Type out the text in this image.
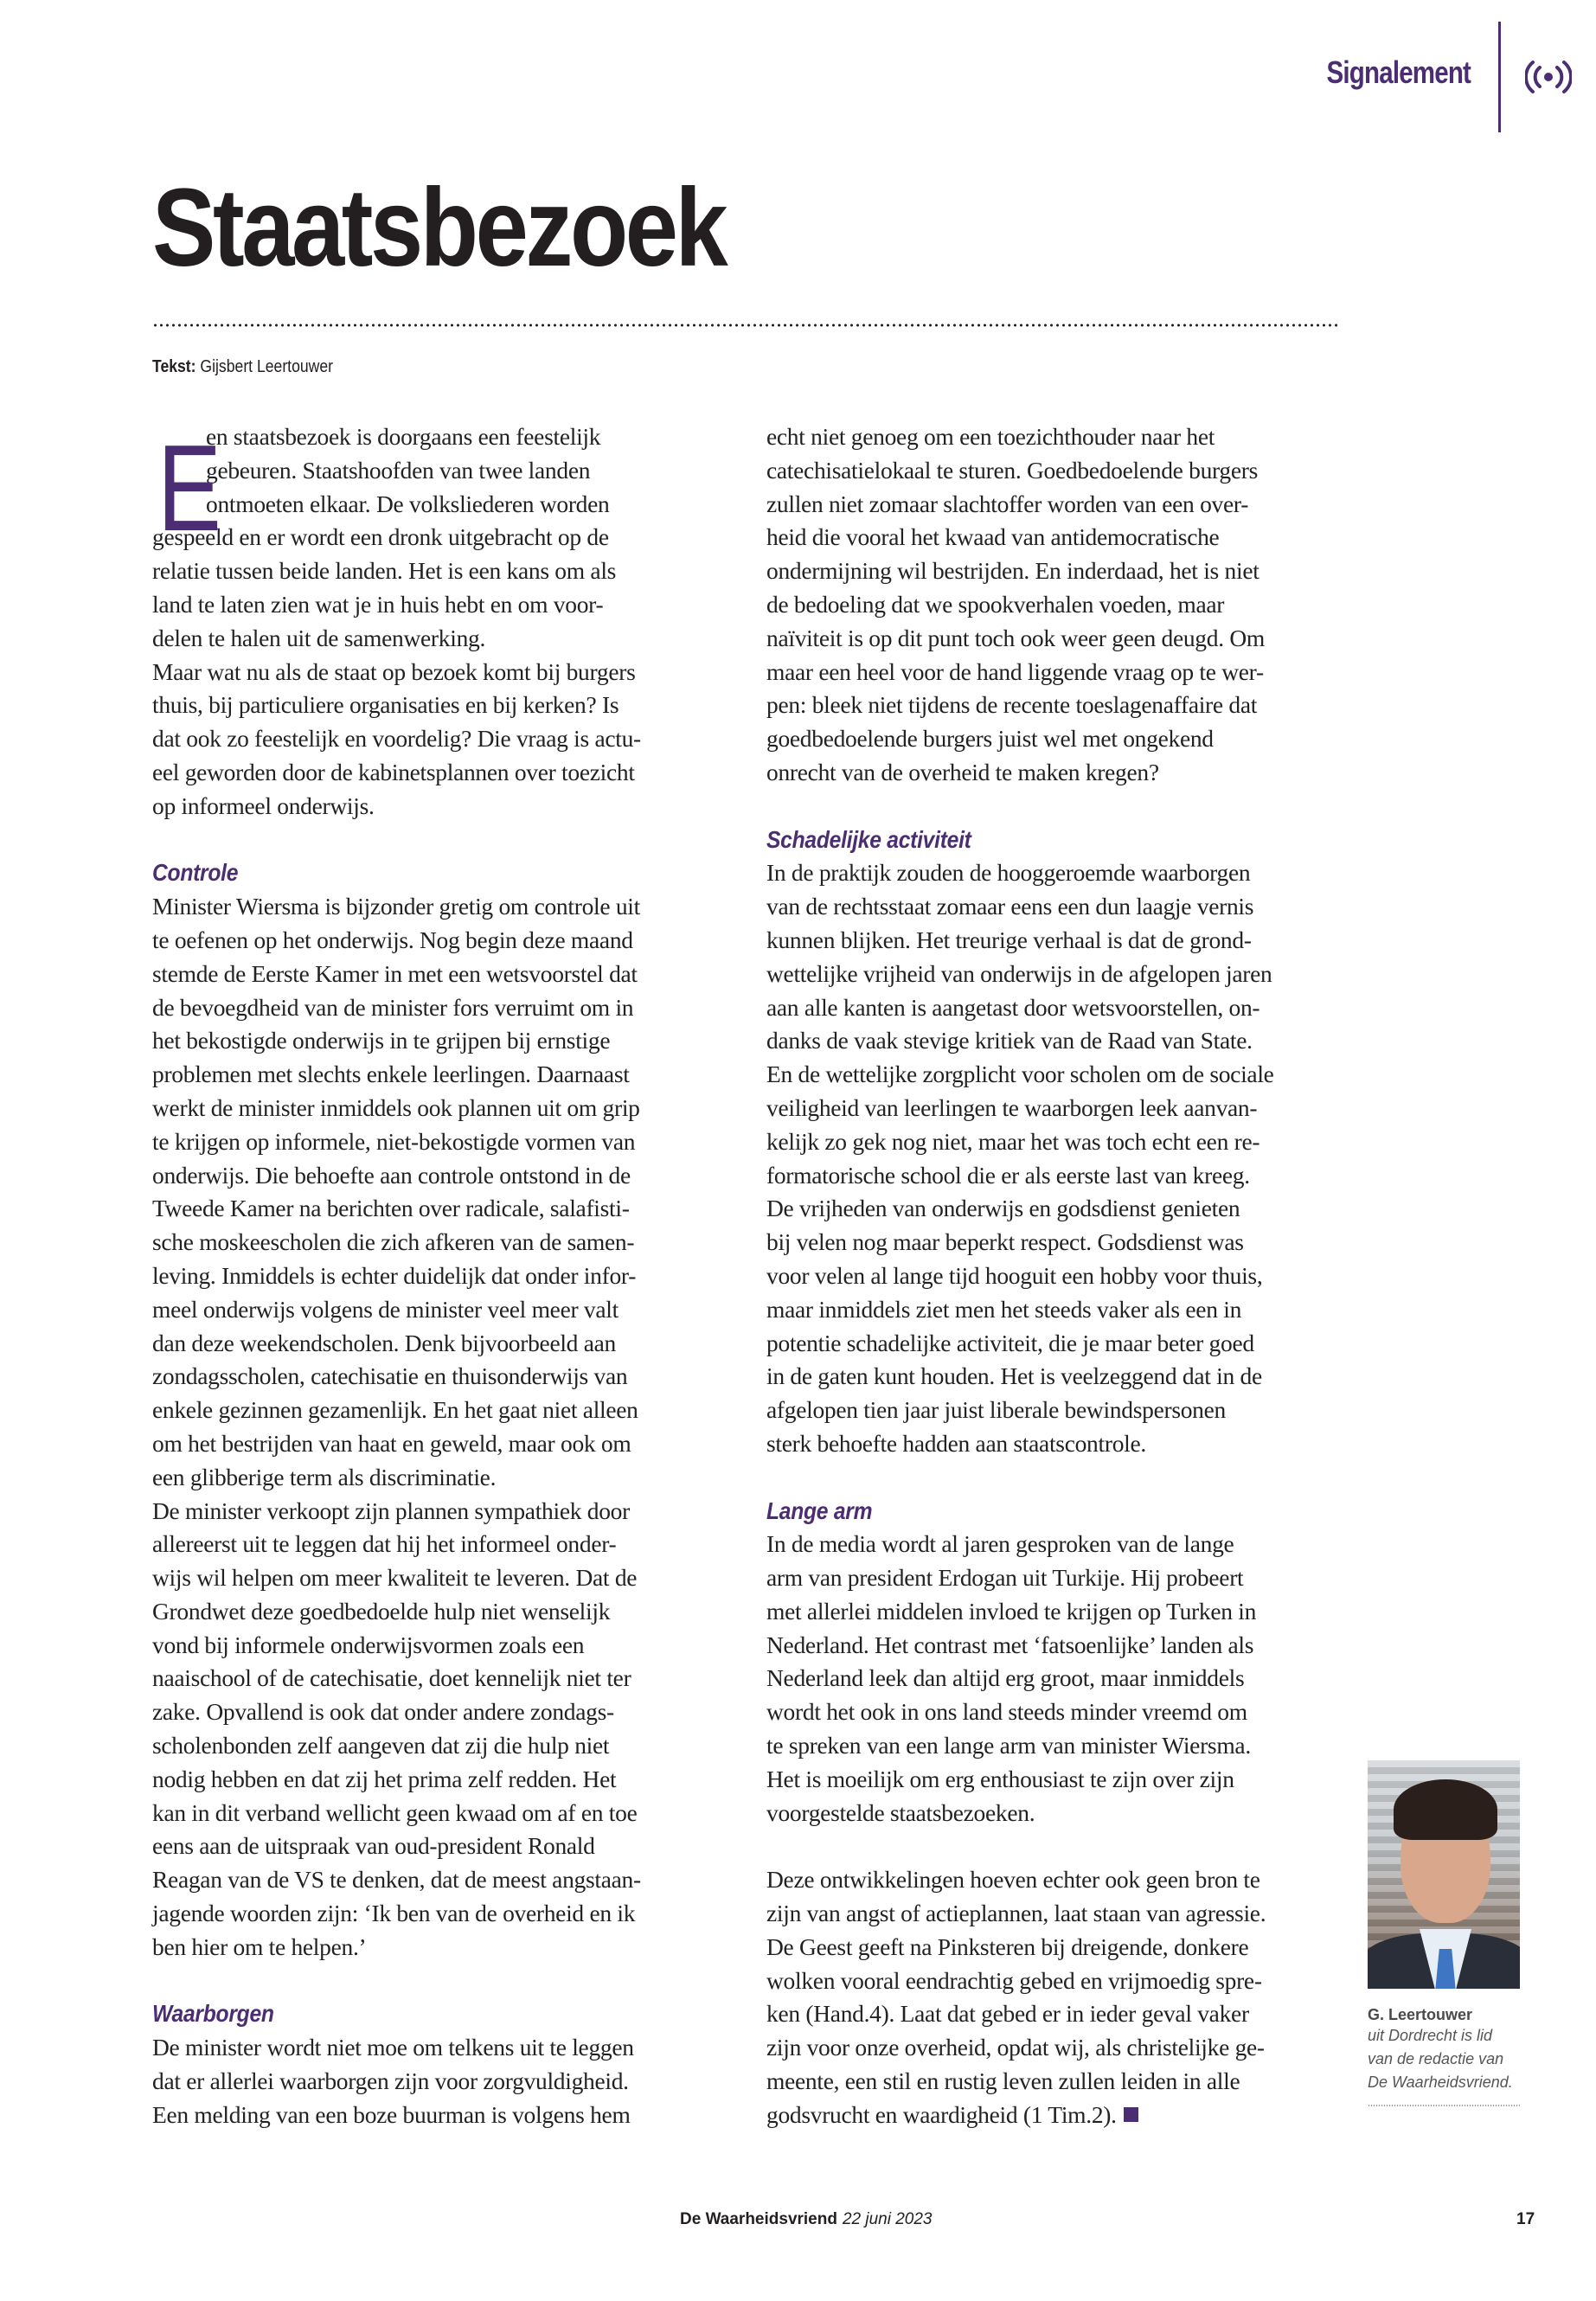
Signalement
Staatsbezoek
Tekst: Gijsbert Leertouwer
E
en staatsbezoek is doorgaans een feestelijk
gebeuren. Staatshoofden van twee landen
ontmoeten elkaar. De volksliederen worden
gespeeld en er wordt een dronk uitgebracht op de
relatie tussen beide landen. Het is een kans om als
land te laten zien wat je in huis hebt en om voor-
delen te halen uit de samenwerking.
Maar wat nu als de staat op bezoek komt bij burgers
thuis, bij particuliere organisaties en bij kerken? Is
dat ook zo feestelijk en voordelig? Die vraag is actu-
eel geworden door de kabinetsplannen over toezicht
op informeel onderwijs.
Controle
Minister Wiersma is bijzonder gretig om controle uit
te oefenen op het onderwijs. Nog begin deze maand
stemde de Eerste Kamer in met een wetsvoorstel dat
de bevoegdheid van de minister fors verruimt om in
het bekostigde onderwijs in te grijpen bij ernstige
problemen met slechts enkele leerlingen. Daarnaast
werkt de minister inmiddels ook plannen uit om grip
te krijgen op informele, niet-bekostigde vormen van
onderwijs. Die behoefte aan controle ontstond in de
Tweede Kamer na berichten over radicale, salafisti-
sche moskeescholen die zich afkeren van de samen-
leving. Inmiddels is echter duidelijk dat onder infor-
meel onderwijs volgens de minister veel meer valt
dan deze weekendscholen. Denk bijvoorbeeld aan
zondagsscholen, catechisatie en thuisonderwijs van
enkele gezinnen gezamenlijk. En het gaat niet alleen
om het bestrijden van haat en geweld, maar ook om
een glibberige term als discriminatie.
De minister verkoopt zijn plannen sympathiek door
allereerst uit te leggen dat hij het informeel onder-
wijs wil helpen om meer kwaliteit te leveren. Dat de
Grondwet deze goedbedoelde hulp niet wenselijk
vond bij informele onderwijsvormen zoals een
naaischool of de catechisatie, doet kennelijk niet ter
zake. Opvallend is ook dat onder andere zondags-
scholenbonden zelf aangeven dat zij die hulp niet
nodig hebben en dat zij het prima zelf redden. Het
kan in dit verband wellicht geen kwaad om af en toe
eens aan de uitspraak van oud-president Ronald
Reagan van de VS te denken, dat de meest angstaan-
jagende woorden zijn: ‘Ik ben van de overheid en ik
ben hier om te helpen.’
Waarborgen
De minister wordt niet moe om telkens uit te leggen
dat er allerlei waarborgen zijn voor zorgvuldigheid.
Een melding van een boze buurman is volgens hem
echt niet genoeg om een toezichthouder naar het
catechisatielokaal te sturen. Goedbedoelende burgers
zullen niet zomaar slachtoffer worden van een over-
heid die vooral het kwaad van antidemocratische
ondermijning wil bestrijden. En inderdaad, het is niet
de bedoeling dat we spookverhalen voeden, maar
naïviteit is op dit punt toch ook weer geen deugd. Om
maar een heel voor de hand liggende vraag op te wer-
pen: bleek niet tijdens de recente toeslagenaffaire dat
goedbedoelende burgers juist wel met ongekend
onrecht van de overheid te maken kregen?
Schadelijke activiteit
In de praktijk zouden de hooggeroemde waarborgen
van de rechtsstaat zomaar eens een dun laagje vernis
kunnen blijken. Het treurige verhaal is dat de grond-
wettelijke vrijheid van onderwijs in de afgelopen jaren
aan alle kanten is aangetast door wetsvoorstellen, on-
danks de vaak stevige kritiek van de Raad van State.
En de wettelijke zorgplicht voor scholen om de sociale
veiligheid van leerlingen te waarborgen leek aanvan-
kelijk zo gek nog niet, maar het was toch echt een re-
formatorische school die er als eerste last van kreeg.
De vrijheden van onderwijs en godsdienst genieten
bij velen nog maar beperkt respect. Godsdienst was
voor velen al lange tijd hooguit een hobby voor thuis,
maar inmiddels ziet men het steeds vaker als een in
potentie schadelijke activiteit, die je maar beter goed
in de gaten kunt houden. Het is veelzeggend dat in de
afgelopen tien jaar juist liberale bewindspersonen
sterk behoefte hadden aan staatscontrole.
Lange arm
In de media wordt al jaren gesproken van de lange
arm van president Erdogan uit Turkije. Hij probeert
met allerlei middelen invloed te krijgen op Turken in
Nederland. Het contrast met ‘fatsoenlijke’ landen als
Nederland leek dan altijd erg groot, maar inmiddels
wordt het ook in ons land steeds minder vreemd om
te spreken van een lange arm van minister Wiersma.
Het is moeilijk om erg enthousiast te zijn over zijn
voorgestelde staatsbezoeken.
Deze ontwikkelingen hoeven echter ook geen bron te
zijn van angst of actieplannen, laat staan van agressie.
De Geest geeft na Pinksteren bij dreigende, donkere
wolken vooral eendrachtig gebed en vrijmoedig spre-
ken (Hand.4). Laat dat gebed er in ieder geval vaker
zijn voor onze overheid, opdat wij, als christelijke ge-
meente, een stil en rustig leven zullen leiden in alle
godsvrucht en waardigheid (1 Tim.2).
G. Leertouwer
uit Dordrecht is lid
van de redactie van
De Waarheidsvriend.
De Waarheidsvriend 22 juni 2023	17
